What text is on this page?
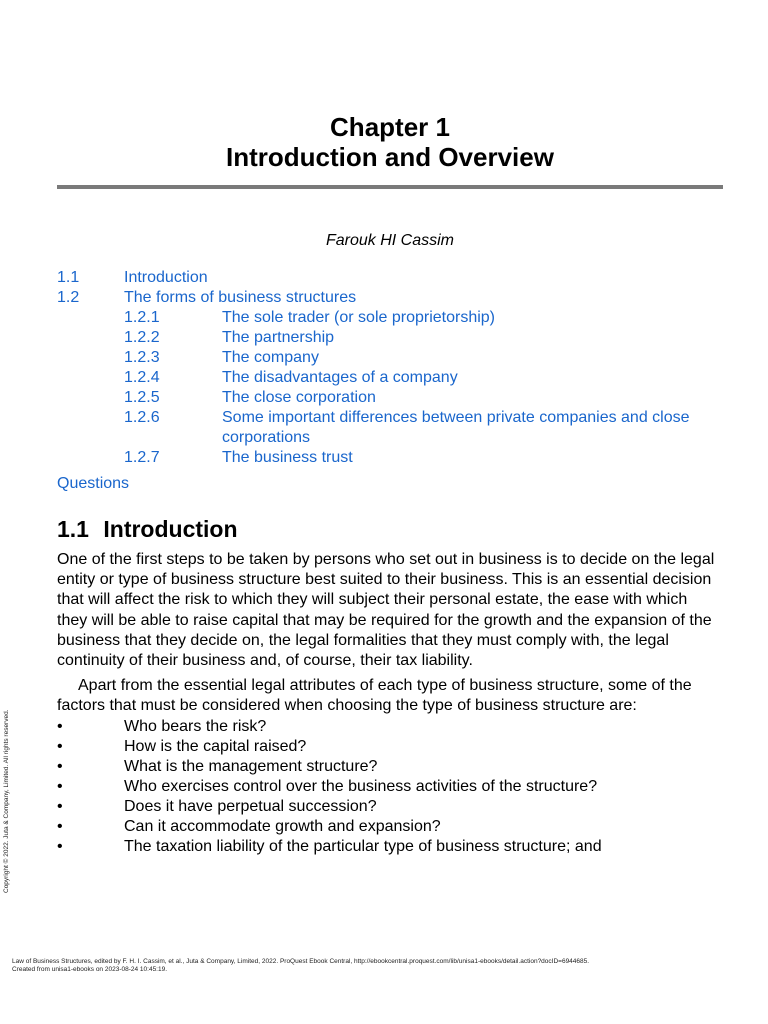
Chapter 1
Introduction and Overview
Farouk HI Cassim
1.1	Introduction
1.2	The forms of business structures
1.2.1	The sole trader (or sole proprietorship)
1.2.2	The partnership
1.2.3	The company
1.2.4	The disadvantages of a company
1.2.5	The close corporation
1.2.6	Some important differences between private companies and close corporations
1.2.7	The business trust
Questions
1.1 Introduction

One of the first steps to be taken by persons who set out in business is to decide on the legal entity or type of business structure best suited to their business. This is an essential decision that will affect the risk to which they will subject their personal estate, the ease with which they will be able to raise capital that may be required for the growth and the expansion of the business that they decide on, the legal formalities that they must comply with, the legal continuity of their business and, of course, their tax liability.

Apart from the essential legal attributes of each type of business structure, some of the factors that must be considered when choosing the type of business structure are:

•	Who bears the risk?
•	How is the capital raised?
•	What is the management structure?
•	Who exercises control over the business activities of the structure?
•	Does it have perpetual succession?
•	Can it accommodate growth and expansion?
•	The taxation liability of the particular type of business structure; and
Copyright © 2022. Juta & Company, Limited. All rights reserved.
Law of Business Structures, edited by F. H. I. Cassim, et al., Juta & Company, Limited, 2022. ProQuest Ebook Central, http://ebookcentral.proquest.com/lib/unisa1-ebooks/detail.action?docID=6944685.
Created from unisa1-ebooks on 2023-08-24 10:45:19.
